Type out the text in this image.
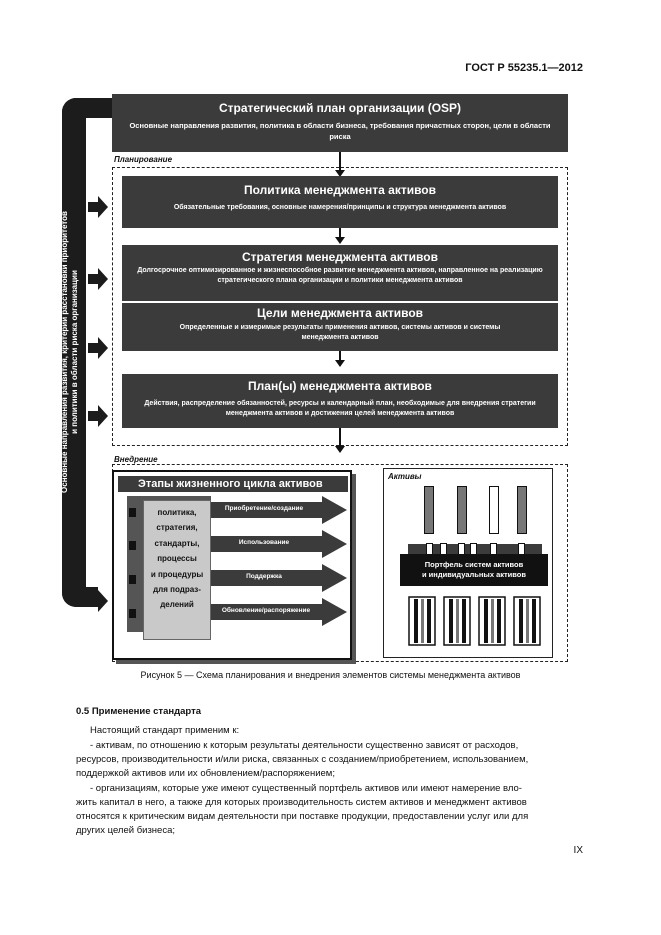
ГОСТ Р 55235.1—2012
Основные направления развития, критерии расстановки приоритетов и политики в области риска организации
Стратегический план организации (OSP)
Основные направления развития, политика в области бизнеса, требования причастных сторон, цели в области риска
Планирование
Политика менеджмента активов
Обязательные требования, основные намерения/принципы и структура менеджмента активов
Стратегия менеджмента активов
Долгосрочное оптимизированное и жизнеспособное развитие менеджмента активов, направленное на реализацию стратегического плана организации и политики менеджмента активов
Цели менеджмента активов
Определенные и измеримые результаты применения активов, системы активов и системы менеджмента активов
План(ы) менеджмента активов
Действия, распределение обязанностей, ресурсы и календарный план, необходимые для внедрения стратегии менеджмента активов и достижения целей менеджмента активов
Внедрение
Этапы жизненного цикла активов
Приобретение/создание
Использование
Поддержка
Обновление/распоряжение
политика,
стратегия,
стандарты,
процессы
и процедуры
для подраз-
делений
Активы
Портфель систем активов
и индивидуальных активов
Рисунок 5 — Схема планирования и внедрения элементов системы менеджмента активов
0.5 Применение стандарта
Настоящий стандарт применим к:
- активам, по отношению к которым результаты деятельности существенно зависят от расходов,
ресурсов, производительности и/или риска, связанных с созданием/приобретением, использованием,
поддержкой активов или их обновлением/распоряжением;
- организациям, которые уже имеют существенный портфель активов или имеют намерение вло-
жить капитал в него, а также для которых производительность систем активов и менеджмент активов
относятся к критическим видам деятельности при поставке продукции, предоставлении услуг или для
других целей бизнеса;
IX
